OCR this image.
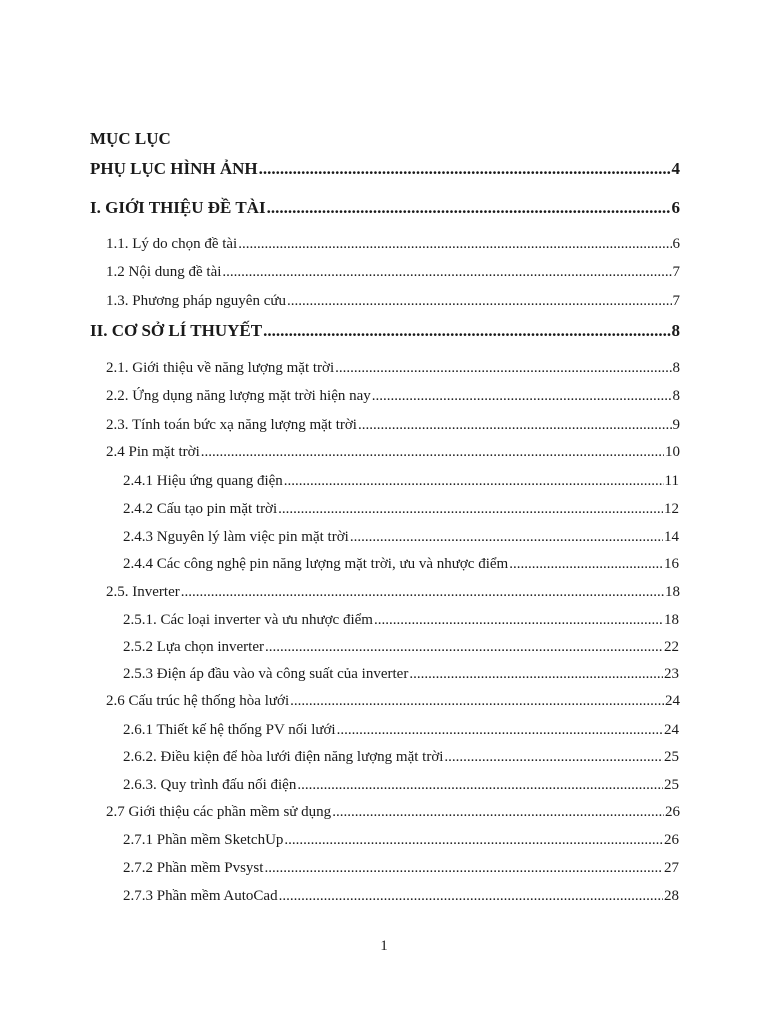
MỤC LỤC
PHỤ LỤC HÌNH ẢNH .....	4
I. GIỚI THIỆU ĐỀ TÀI .....	6
1.1. Lý do chọn đề tài .....	6
1.2 Nội dung đề tài .....	7
1.3. Phương pháp nguyên cứu .....	7
II. CƠ SỞ LÍ THUYẾT .....	8
2.1. Giới thiệu về năng lượng mặt trời .....	8
2.2. Ứng dụng năng lượng mặt trời hiện nay .....	8
2.3. Tính toán bức xạ năng lượng mặt trời .....	9
2.4 Pin mặt trời .....	10
2.4.1 Hiệu ứng quang điện .....	11
2.4.2 Cấu tạo pin mặt trời .....	12
2.4.3 Nguyên lý làm việc pin mặt trời .....	14
2.4.4 Các công nghệ pin năng lượng mặt trời, ưu và nhược điểm .....	16
2.5. Inverter .....	18
2.5.1. Các loại inverter và ưu nhược điểm .....	18
2.5.2 Lựa chọn inverter .....	22
2.5.3 Điện áp đầu vào và công suất của inverter .....	23
2.6 Cấu trúc hệ thống hòa lưới .....	24
2.6.1 Thiết kế hệ thống PV nối lưới .....	24
2.6.2. Điều kiện để hòa lưới điện năng lượng mặt trời .....	25
2.6.3. Quy trình đấu nối điện .....	25
2.7 Giới thiệu các phần mềm sử dụng .....	26
2.7.1 Phần mềm SketchUp .....	26
2.7.2 Phần mềm Pvsyst .....	27
2.7.3 Phần mềm AutoCad .....	28
1
